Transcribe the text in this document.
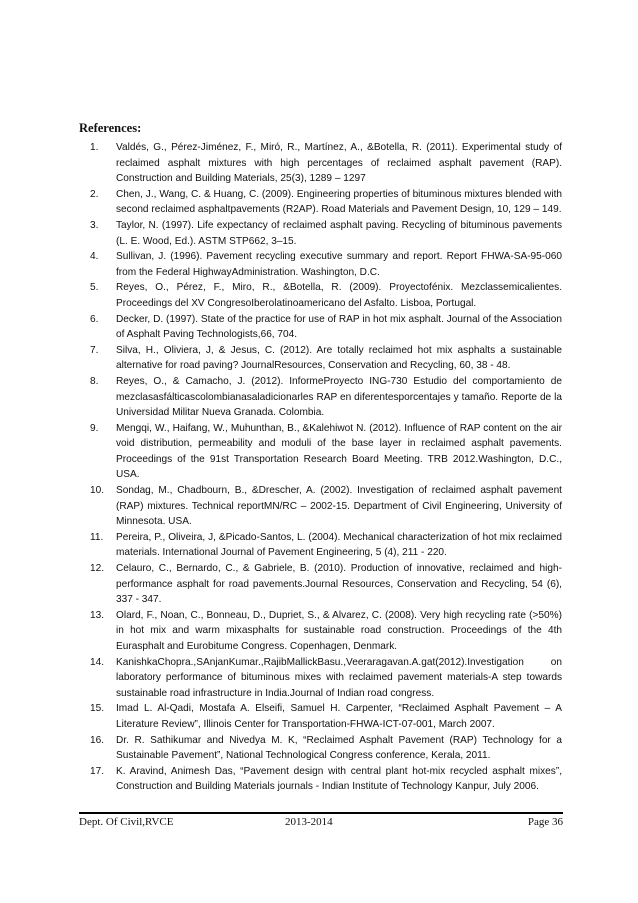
References:
1. Valdés, G., Pérez-Jiménez, F., Miró, R., Martínez, A., &Botella, R. (2011). Experimental study of reclaimed asphalt mixtures with high percentages of reclaimed asphalt pavement (RAP). Construction and Building Materials, 25(3), 1289 – 1297
2. Chen, J., Wang, C. & Huang, C. (2009). Engineering properties of bituminous mixtures blended with second reclaimed asphaltpavements (R2AP). Road Materials and Pavement Design, 10, 129 – 149.
3. Taylor, N. (1997). Life expectancy of reclaimed asphalt paving. Recycling of bituminous pavements (L. E. Wood, Ed.). ASTM STP662, 3–15.
4. Sullivan, J. (1996). Pavement recycling executive summary and report. Report FHWA-SA-95-060 from the Federal HighwayAdministration. Washington, D.C.
5. Reyes, O., Pérez, F., Miro, R., &Botella, R. (2009). Proyectofénix. Mezclassemicalientes. Proceedings del XV CongresoIberolatinoamericano del Asfalto. Lisboa, Portugal.
6. Decker, D. (1997). State of the practice for use of RAP in hot mix asphalt. Journal of the Association of Asphalt Paving Technologists,66, 704.
7. Silva, H., Oliviera, J, & Jesus, C. (2012). Are totally reclaimed hot mix asphalts a sustainable alternative for road paving? JournalResources, Conservation and Recycling, 60, 38 - 48.
8. Reyes, O., & Camacho, J. (2012). InformeProyecto ING-730 Estudio del comportamiento de mezclasasfálticascolombianasaladicionarles RAP en diferentesporcentajes y tamaño. Reporte de la Universidad Militar Nueva Granada. Colombia.
9. Mengqi, W., Haifang, W., Muhunthan, B., &Kalehiwot N. (2012). Influence of RAP content on the air void distribution, permeability and moduli of the base layer in reclaimed asphalt pavements. Proceedings of the 91st Transportation Research Board Meeting. TRB 2012.Washington, D.C., USA.
10. Sondag, M., Chadbourn, B., &Drescher, A. (2002). Investigation of reclaimed asphalt pavement (RAP) mixtures. Technical reportMN/RC – 2002-15. Department of Civil Engineering, University of Minnesota. USA.
11. Pereira, P., Oliveira, J, &Picado-Santos, L. (2004). Mechanical characterization of hot mix reclaimed materials. International Journal of Pavement Engineering, 5 (4), 211 - 220.
12. Celauro, C., Bernardo, C., & Gabriele, B. (2010). Production of innovative, reclaimed and high-performance asphalt for road pavements.Journal Resources, Conservation and Recycling, 54 (6), 337 - 347.
13. Olard, F., Noan, C., Bonneau, D., Dupriet, S., & Alvarez, C. (2008). Very high recycling rate (>50%) in hot mix and warm mixasphalts for sustainable road construction. Proceedings of the 4th Eurasphalt and Eurobitume Congress. Copenhagen, Denmark.
14. KanishkaChopra.,SAnjanKumar.,RajibMallickBasu.,Veeraragavan.A.gat(2012).Investigation on laboratory performance of bituminous mixes with reclaimed pavement materials-A step towards sustainable road infrastructure in India.Journal of Indian road congress.
15. Imad L. Al-Qadi, Mostafa A. Elseifi, Samuel H. Carpenter, “Reclaimed Asphalt Pavement – A Literature Review”, Illinois Center for Transportation-FHWA-ICT-07-001, March 2007.
16. Dr. R. Sathikumar and Nivedya M. K, “Reclaimed Asphalt Pavement (RAP) Technology for a Sustainable Pavement”, National Technological Congress conference, Kerala, 2011.
17. K. Aravind, Animesh Das, “Pavement design with central plant hot-mix recycled asphalt mixes”, Construction and Building Materials journals - Indian Institute of Technology Kanpur, July 2006.
Dept. Of Civil,RVCE	2013-2014	Page 36
